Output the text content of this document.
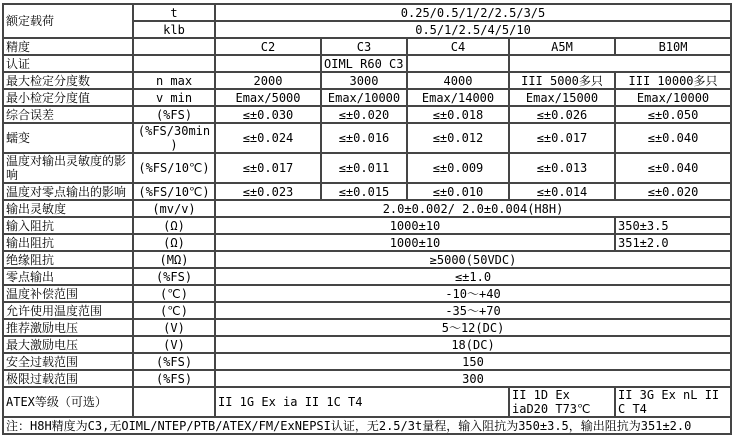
额定载荷	t	0.25/0.5/1/2/2.5/3/5				
	klb	0.5/1/2.5/4/5/10				
精度		C2	C3	C4	A5M	B10M
认证			OIML R60 C3			
最大检定分度数	n max	2000	3000	4000	III 5000多只	III 10000多只
最小检定分度值	v min	Emax/5000	Emax/10000	Emax/14000	Emax/15000	Emax/10000
综合误差	(%FS)	≤±0.030	≤±0.020	≤±0.018	≤±0.026	≤±0.050
蠕变	(%FS/30min)	≤±0.024	≤±0.016	≤±0.012	≤±0.017	≤±0.040
温度对输出灵敏度的影响	(%FS/10℃)	≤±0.017	≤±0.011	≤±0.009	≤±0.013	≤±0.040
温度对零点输出的影响	(%FS/10℃)	≤±0.023	≤±0.015	≤±0.010	≤±0.014	≤±0.020
输出灵敏度	(mv/v)	2.0±0.002/ 2.0±0.004(H8H)				
输入阻抗	(Ω)	1000±10				350±3.5
输出阻抗	(Ω)	1000±10				351±2.0
绝缘阻抗	(MΩ)	≥5000(50VDC)				
零点输出	(%FS)	≤±1.0				
温度补偿范围	(℃)	-10～+40				
允许使用温度范围	(℃)	-35～+70				
推荐激励电压	(V)	5～12(DC)				
最大激励电压	(V)	18(DC)				
安全过载范围	(%FS)	150				
极限过载范围	(%FS)	300				
ATEX等级（可选）		II 1G Ex ia II 1C T4			II 1D Ex iaD20 T73℃	II 3G Ex nL II C T4
注：H8H精度为C3,无OIML/NTEP/PTB/ATEX/FM/ExNEPSI认证，无2.5/3t量程，输入阻抗为350±3.5，输出阻抗为351±2.0						
